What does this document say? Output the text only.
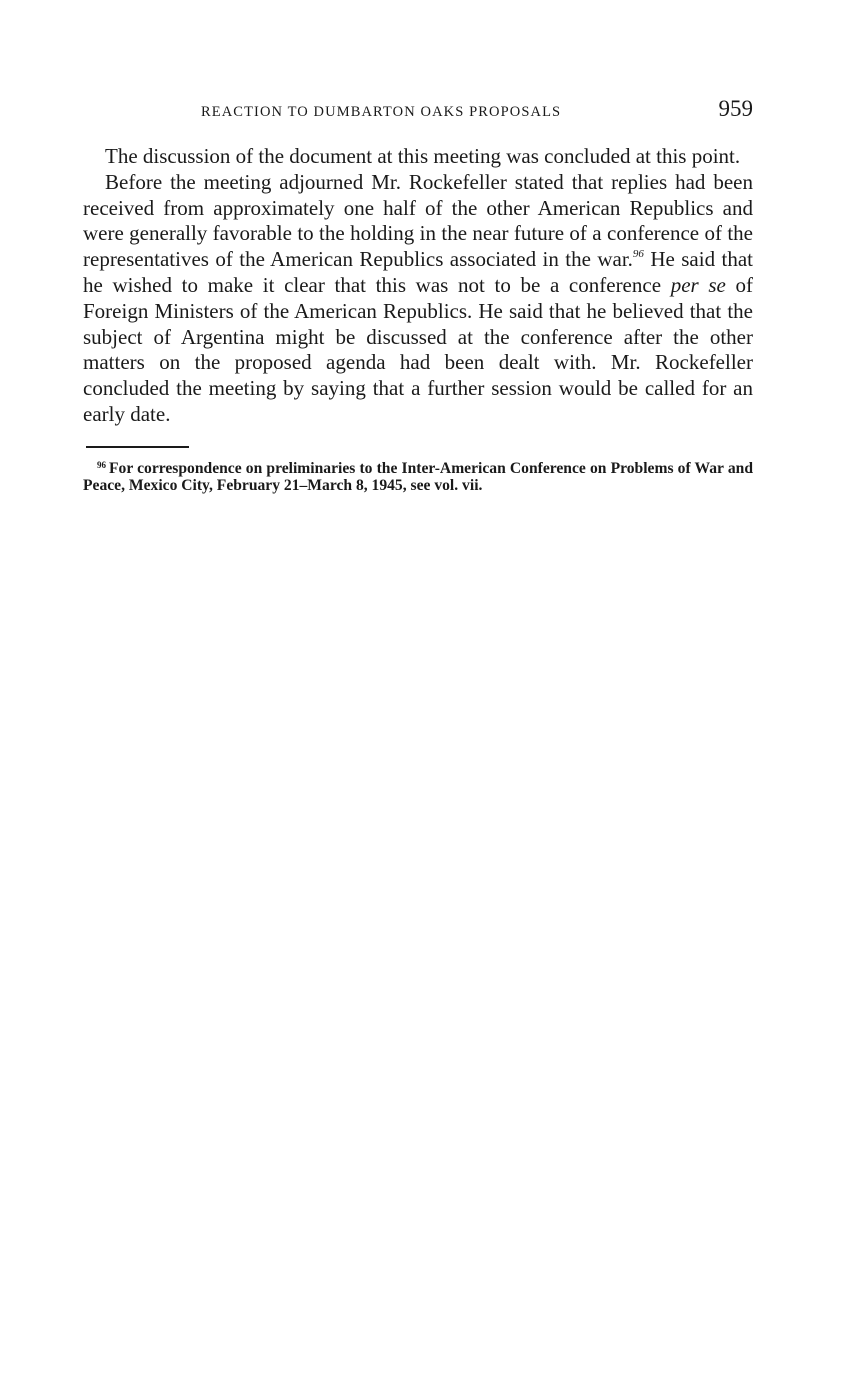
REACTION TO DUMBARTON OAKS PROPOSALS	959

The discussion of the document at this meeting was concluded at this point.

Before the meeting adjourned Mr. Rockefeller stated that replies had been received from approximately one half of the other American Republics and were generally favorable to the holding in the near future of a conference of the representatives of the American Republics associated in the war.$^{96}$ He said that he wished to make it clear that this was not to be a conference per se of Foreign Ministers of the American Republics. He said that he believed that the subject of Argentina might be discussed at the conference after the other matters on the proposed agenda had been dealt with. Mr. Rockefeller concluded the meeting by saying that a further session would be called for an early date.

$^{96}$ For correspondence on preliminaries to the Inter-American Conference on Problems of War and Peace, Mexico City, February 21–March 8, 1945, see vol. vii.
